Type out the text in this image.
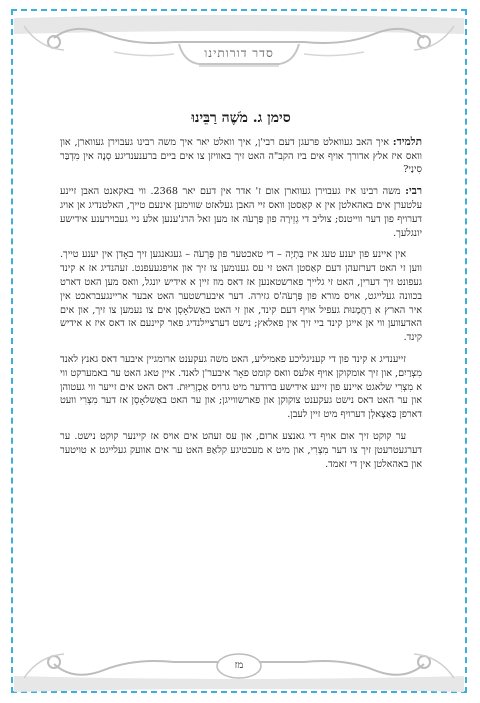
סדר דורותינו
סימן ג. מֹשֶׁה רַבֵּינוּ

תלמיד: איך האב געוואלט פרעגן דעם רבי'ן, איך וואלט יאר איך משה רבינו געבוירן געווארן, און וואס איז אלץ אדורך אויף אים ביז הקב"ה האט זיך באוויזן צו אים ביים ברענענדיגע סְנֶה אין מִדְבַּר סִינַי?

רבי: משה רבינו איז געבוירן געווארן אום ז' אדר אין דעם יאר 2368. ווי באקאנט האבן זיינע עלטערן אים באהאלטן אין א קאַסטן וואס זיי האבן געלאזט שווימען אינעם טייך, האלטנדיג אן אויג דערויף פון דער ווייטנס; צוליב די גְזֵירָה פון פַּרְעֹה אז מען זאל הרג'ענען אלע ניי געבוירענע אידישע יונגלעך.

אין איינע פון יענע טעג איז בַּתְיָה – די טאכטער פון פַּרְעֹה – געגאנגען זיך באָדן אין יענע טייך. ווען זי האט דערזעהן דעם קאַסטן האט זי עס גענומען צו זיך און אויפגעעפנט. זעהנדיג אז א קינד געפונט זיך דערין, האט זי גלייך פארשטאנען אז דאס מוז זיין א אידיש יונגל, וואס מען האט דארט בכוונה געלייגט, אויס מורא פון פַּרְעֹה'ס גזירה. דער איבערשטער האט אבער אריינגעבראכט אין איר הארץ א רַחֲמָנוּת געפיל אויף דעם קינד, און זי האט באַשלאָסְן אים צו נעמען צו זיך, און אים האדעווען ווי אן אייגן קינד ביי זיך אין פאלאץ; נישט דערציילנדיג פאר קיינעם אז דאס איז א אידיש קינד.

זייענדיג א קינד פון די קעניגליכע פאמיליע, האט משה געקענט ארומגיין איבער דאס גאנץ לאנד מִצְרַיִם, און זיך אומקוקן אויף אלעס וואס קומט פאָר איבער'ן לאנד. איין טאג האט ער באמערקט ווי א מִצְרִי שלאגט איינע פון זיינע אידישע ברודער מיט גרויס אַכְזָרִיּוּת. דאס האט אים זייער ווי געטוהן און ער האט דאס נישט געקענט צוקוקן און פארשווייגן; און ער האט באַשלאָסְן אז דער מִצְרִי וועט דארפן בַּאַצָאלְן דערויף מיט זיין לעבן.

ער קוקט זיך אום אויף די גאנצע ארום, און עס זעהט אים אויס אז קיינער קוקט נישט. ער דערגעטרעטן זיך צו דער מִצְרִי, און מיט א מעכטיגע קלאַפּ האט ער אים אוועק געלייגט א טויטער און באהאלטן אין די זאמד.

מז
